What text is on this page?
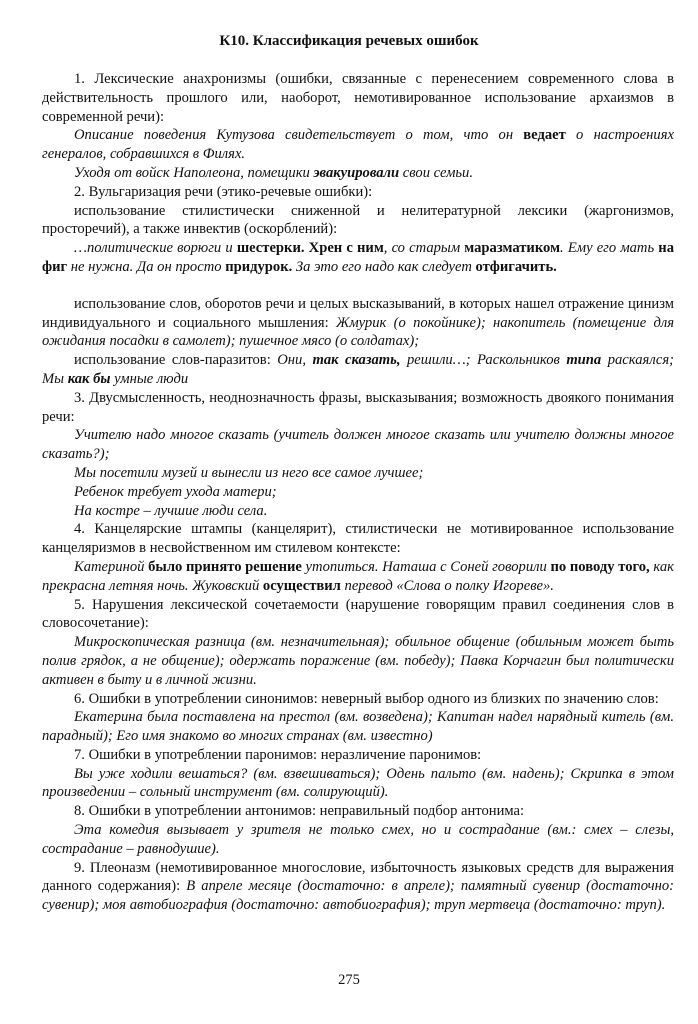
К10. Классификация речевых ошибок

1. Лексические анахронизмы (ошибки, связанные с перенесением современного слова в действительность прошлого или, наоборот, немотивированное использование архаизмов в современной речи):

Описание поведения Кутузова свидетельствует о том, что он ведает о настроениях генералов, собравшихся в Филях.

Уходя от войск Наполеона, помещики эвакуировали свои семьи.

2. Вульгаризация речи (этико-речевые ошибки):

использование стилистически сниженной и нелитературной лексики (жаргонизмов, просторечий), а также инвектив (оскорблений):

…политические ворюги и шестерки. Хрен с ним, со старым маразматиком. Ему его мать на фиг не нужна. Да он просто придурок. За это его надо как следует отфигачить.

использование слов, оборотов речи и целых высказываний, в которых нашел отражение цинизм индивидуального и социального мышления: Жмурик (о покойнике); накопитель (помещение для ожидания посадки в самолет); пушечное мясо (о солдатах);

использование слов-паразитов: Они, так сказать, решили…; Раскольников типа раскаялся; Мы как бы умные люди

3. Двусмысленность, неоднозначность фразы, высказывания; возможность двоякого понимания речи:

Учителю надо многое сказать (учитель должен многое сказать или учителю должны многое сказать?);

Мы посетили музей и вынесли из него все самое лучшее;

Ребенок требует ухода матери;

На костре – лучшие люди села.

4. Канцелярские штампы (канцелярит), стилистически не мотивированное использование канцеляризмов в несвойственном им стилевом контексте:

Катериной было принято решение утопиться. Наташа с Соней говорили по поводу того, как прекрасна летняя ночь. Жуковский осуществил перевод «Слова о полку Игореве».

5. Нарушения лексической сочетаемости (нарушение говорящим правил соединения слов в словосочетание):

Микроскопическая разница (вм. незначительная); обильное общение (обильным может быть полив грядок, а не общение); одержать поражение (вм. победу); Павка Корчагин был политически активен в быту и в личной жизни.

6. Ошибки в употреблении синонимов: неверный выбор одного из близких по значению слов:

Екатерина была поставлена на престол (вм. возведена); Капитан надел нарядный китель (вм. парадный); Его имя знакомо во многих странах (вм. известно)

7. Ошибки в употреблении паронимов: неразличение паронимов:

Вы уже ходили вешаться? (вм. взвешиваться); Одень пальто (вм. надень); Скрипка в этом произведении – сольный инструмент (вм. солирующий).

8. Ошибки в употреблении антонимов: неправильный подбор антонима:

Эта комедия вызывает у зрителя не только смех, но и сострадание (вм.: смех – слезы, сострадание – равнодушие).

9. Плеоназм (немотивированное многословие, избыточность языковых средств для выражения данного содержания): В апреле месяце (достаточно: в апреле); памятный сувенир (достаточно: сувенир); моя автобиография (достаточно: автобиография); труп мертвеца (достаточно: труп).

275
